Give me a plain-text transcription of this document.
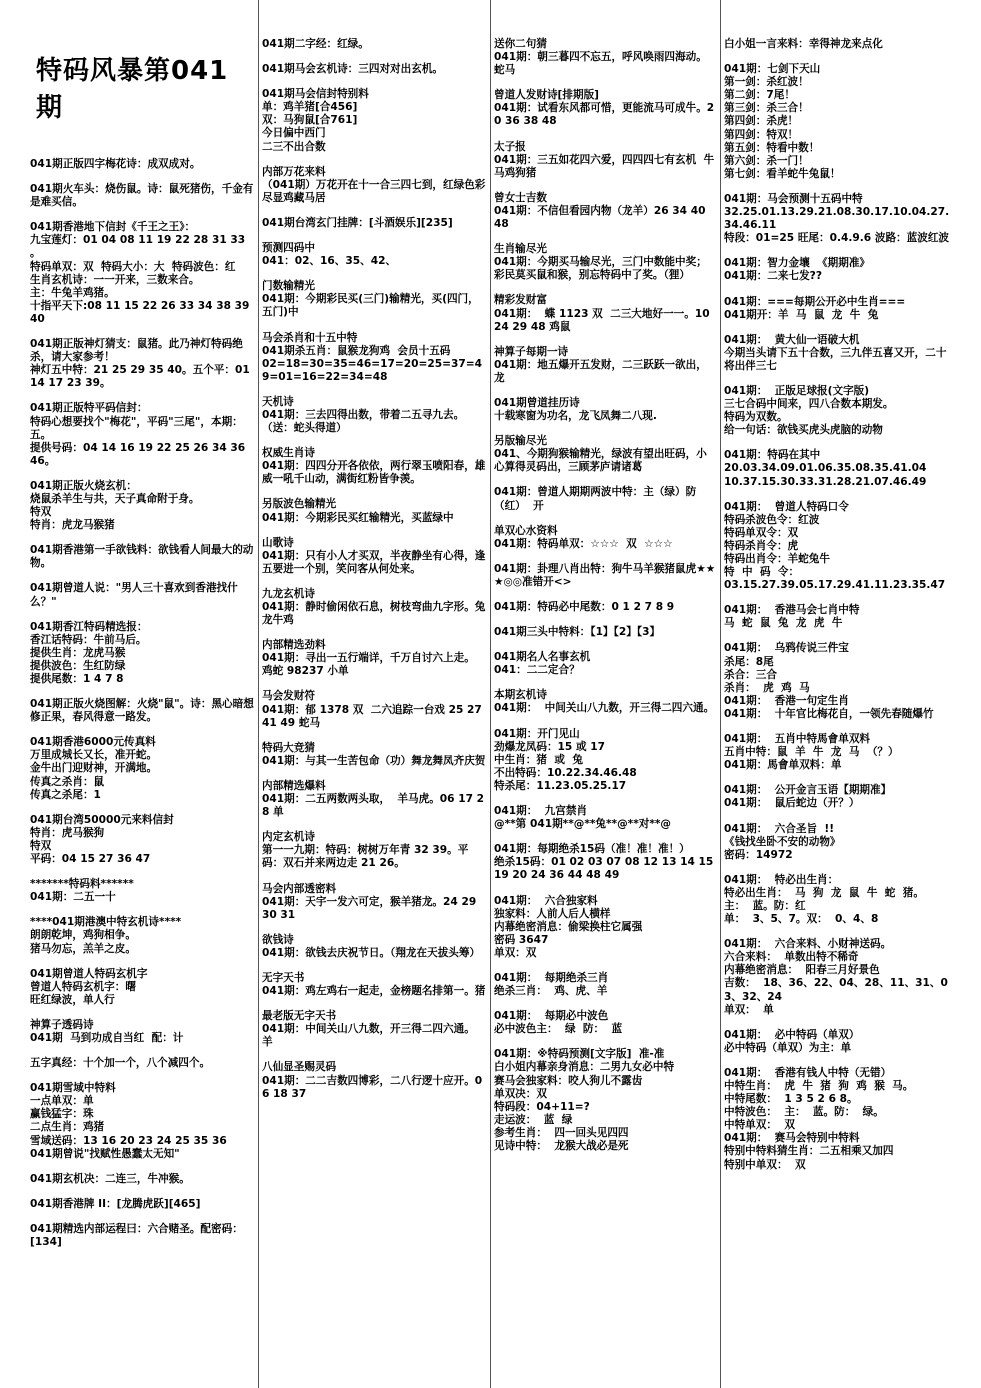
特码风暴第041期
041期正版四字梅花诗：成双成对。
041期火车头：烧伤鼠。诗：鼠死猪伤，千金有是难买信。
041期香港地下信封《千王之王》：
九宝莲灯：01 04 08 11 19 22 28 31 33 。
特码单双：双  特码大小：大  特码波色：红
生肖玄机诗：一一开来，三数来合。
主：牛兔羊鸡猪。
十指平天下:08 11 15 22 26 33 34 38 39 40
041期正版神灯猜支：鼠猪。此乃神灯特码绝杀，请大家参考！
神灯五中特：21 25 29 35 40。五个平：01 14 17 23 39。
041期正版特平码信封：
特码心想要找个"梅花"，平码"三尾"，本期：五。
提供号码：04 14 16 19 22 25 26 34 36 46。
041期正版火烧玄机：
烧鼠杀羊生与共，天子真命附于身。
特双
特肖：虎龙马猴猪
041期香港第一手欲钱料：欲钱看人间最大的动物。
041期曾道人说："男人三十喜欢到香港找什么？"
041期香江特码精选报：
香江话特码：牛前马后。
提供生肖：龙虎马猴
提供波色：生红防绿
提供尾数：1 4 7 8
041期正版火烧图解：火烧"鼠"。诗：黑心暗想修正果，春风得意一路发。
041期香港6000元传真料
万里成城长又长，准开蛇。
金牛出门迎财神，开满地。
传真之杀肖：鼠
传真之杀尾：1
041期台湾50000元来料信封
特肖：虎马猴狗
特双
平码：04 15 27 36 47
*******特码料******
041期：二五一十
****041期港澳中特玄机诗****
朗朗乾坤，鸡狗相争。
猪马勿忘，羔羊之皮。
041期曾道人特码玄机字
曾道人特码玄机字：曙
旺红绿波，单人行
神算子透码诗
041期  马到功成自当红  配：计
五字真经：十个加一个，八个减四个。
041期雪域中特料
一点单双：单
赢钱猛字：珠
二点生肖：鸡猪
雪域送码：13 16 20 23 24 25 35 36
041期曾说"找赋性愚蠢太无知"
041期玄机决：二连三，牛冲猴。
041期香港牌 II：[龙腾虎跃][465]
041期精选内部运程曰：六合赌圣。配密码：[134]
041期二字经：红绿。
041期马会玄机诗：三四对对出玄机。
041期马会信封特别料
单：鸡羊猪[合456]
双：马狗鼠[合761]
今日偏中西门
二三不出合数
内部万花来料
（041期）万花开在十一合三四七到，红绿色彩尽显鸡藏马居
041期台湾玄门挂牌：[斗酒娱乐][235]
预测四码中
041：02、16、35、42、
门数输精光
041期：今期彩民买(三门)输精光，买(四门，五门)中
马会杀肖和十五中特
041期杀五肖：鼠猴龙狗鸡  会员十五码
02=18=30=35=46=17=20=25=37=49=01=16=22=34=48
天机诗
041期：三去四得出数，带着二五寻九去。（送：蛇头得道）
权威生肖诗
041期：四四分开各依依，两行翠玉喷阳春，雄威一吼千山动，满街红粉皆争羡。
另版波色输精光
041期：今期彩民买红输精光，买蓝绿中
山歌诗
041期：只有小人才买双，半夜静坐有心得，逢五要进一个别，笑问客从何处来。
九龙玄机诗
041期：静时偷闲依石息，树枝弯曲九字形。兔龙牛鸡
内部精选劲料
041期：寻出一五行端详，千万自讨六上走。  鸡蛇 98237 小单
马会发财符
041期：郁 1378 双  二六追踪一台戏 25 27 41 49 蛇马
特码大竞猜
041期：与其一生苦包命（功）舞龙舞凤齐庆贺
内部精选爆料
041期：二五两数两头取，  羊马虎。06 17 28 单
内定玄机诗
第一一九期：特码：树树万年青 32 39。平码：双石并来两边走 21 26。
马会内部透密料
041期：天宇一发六可定，猴羊猪龙。24 29 30 31
欲钱诗
041期：欲钱去庆祝节日。（翔龙在天拔头筹）
无字天书
041期：鸡左鸡右一起走，金榜题名排第一。猪
最老版无字天书
041期：中间关山八九数，开三得二四六通。  羊
八仙显圣赐灵码
041期：二二吉数四博彩，二八行逻十应开。06 18 37
送你二句猜
041期：朝三暮四不忘五，呼风唤雨四海动。蛇马
曾道人发财诗[排期版]
041期：试看东风都可惜，更能流马可成牛。20 36 38 48
太子报
041期：三五如花四六爱，四四四七有玄机  牛马鸡狗猪
曾女士吉数
041期：不信但看园内物（龙羊）26 34 40 48
生肖输尽光
041期：今期买马输尽光，三门中数能中奖；彩民莫买鼠和猴，别忘特码中了奖。（狸）
精彩发财富
041期：  蝶 1123 双  二三大地好一一。10 24 29 48 鸡鼠
神算子每期一诗
041期：地五爆开五发财，二三跃跃一欲出，龙
041期曾道挂历诗
十载寒窗为功名，龙飞凤舞二八现.
另版输尽光
041、今期狗猴输精光，绿波有望出旺码，小心算得灵码出，三顾茅庐请诸葛
041期：曾道人期期两波中特：主（绿）防（红）  开
单双心水资料
041期：特码单双：☆☆☆  双  ☆☆☆
041期：卦理八肖出特：狗牛马羊猴猪鼠虎★★★◎◎准错开<>
041期：特码必中尾数：0 1 2 7 8 9
041期三头中特料：【1】【2】【3】
041期名人名事玄机
041：二二定合？
本期玄机诗
041期：  中间关山八九数，开三得二四六通。
041期：开门见山
劲爆龙凤码：15 或 17
中生肖：猪  或  兔
不出特码：10.22.34.46.48
特杀尾：11.23.05.25.17
041期：  九宫禁肖
@**第 041期**@**兔**@**对**@
041期：每期绝杀15码（准！准！准！）
绝杀15码：01 02 03 07 08 12 13 14 15 19 20 24 36 44 48 49
041期：  六合独家料
独家料：人前人后人横样
内幕绝密消息：偷梁换柱它属强
密码 3647
单双：双
041期：  每期绝杀三肖
绝杀三肖：  鸡、虎、羊
041期：  每期必中波色
必中波色主：  绿  防：  蓝
041期：※特码预测[文字版]  准-准
白小姐内幕亲身消息：二男九女必中特
赛马会独家料：咬人狗儿不露齿
单双决：双
特码段：04+11=?
走运波：  蓝  绿
参考生肖：  四一回头见四四
见诗中特：  龙猴大战必是死
白小姐一言来料：幸得神龙来点化
041期：七剑下天山
第一剑：杀红波！
第二剑：7尾！
第三剑：杀三合！
第四剑：杀虎！
第四剑：特双！
第五剑：特看中数！
第六剑：杀一门！
第七剑：看羊蛇牛兔鼠！
041期：马会预测十五码中特
32.25.01.13.29.21.08.30.17.10.04.27.34.46.11
特段：01=25 旺尾：0.4.9.6 波路：蓝波红波
041期：智力金壤  《期期准》
041期：二来七发??
041期：===每期公开必中生肖===
041期开：羊  马  鼠  龙  牛  兔
041期：  黄大仙一语破大机
今期当头请下五十合数，三九伴五喜又开，二十将出伴三七
041期：  正版足球报(文字版)
三七合码中间来，四八合数本期发。
特码为双数。
给一句话：欲钱买虎头虎脑的动物
041期：特码在其中
20.03.34.09.01.06.35.08.35.41.04
10.37.15.30.33.31.28.21.07.46.49
041期：  曾道人特码口令
特码杀波色令：红波
特码单双令：双
特码杀肖令：虎
特码出肖令：羊蛇兔牛
特  中  码  令：
03.15.27.39.05.17.29.41.11.23.35.47
041期：  香港马会七肖中特
马  蛇  鼠  兔  龙  虎  牛
041期：  乌鸦传说三件宝
杀尾：8尾
杀合：三合
杀肖：  虎  鸡  马
041期：  香港一句定生肖
041期：  十年官比梅花自，一领先春随爆竹
041期：  五肖中特馬會单双料
五肖中特：鼠  羊  牛  龙  马  （？）
041期：馬會单双料：单
041期：  公开金言玉语【期期准】
041期：  鼠后蛇边（开？）
041期：  六合圣旨  !!
《钱找坐卧不安的动物》
密码：14972
041期：  特必出生肖：
特必出生肖：  马  狗  龙  鼠  牛  蛇  猪。
主：  蓝。防：红
单：  3、5、7。双：  0、4、8
041期：  六合来料、小财神送码。
六合来料：  单数出特不稀奇
内幕绝密消息：  阳春三月好景色
吉数：  18、36、22、04、28、11、31、03、32、24
单双：  单
041期：  必中特码（单双）
必中特码（单双）为主：单
041期：  香港有钱人中特（无错）
中特生肖：  虎  牛  猪  狗  鸡  猴  马。
中特尾数：  1 3 5 2 6 8。
中特波色：  主：  蓝。防：  绿。
中特单双：  双
041期：  赛马会特别中特料
特别中特料猜生肖：二五相乘又加四
特别中单双：  双
